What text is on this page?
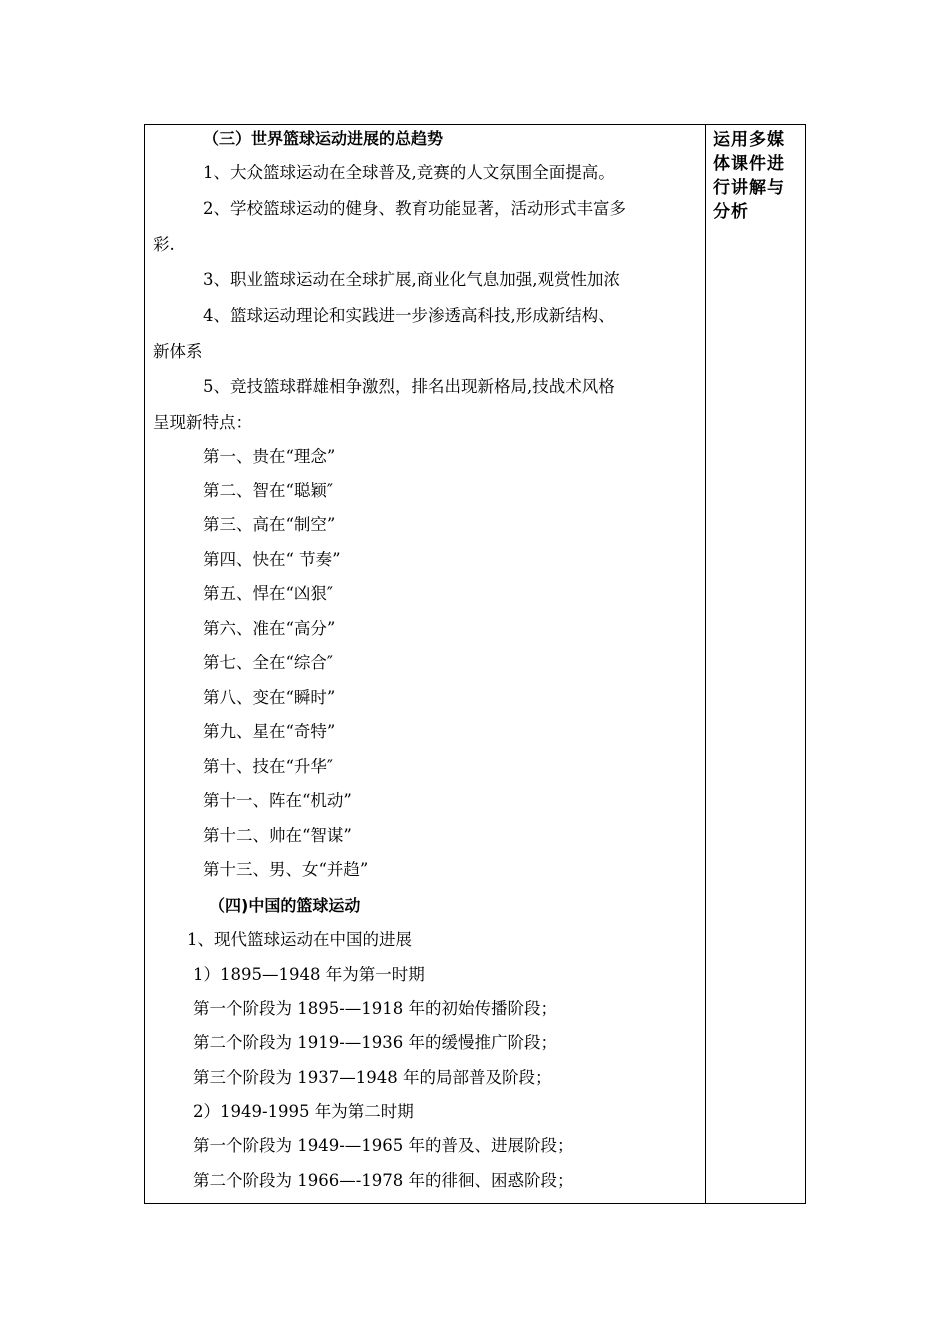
（三）世界篮球运动进展的总趋势
1、大众篮球运动在全球普及,竞赛的人文氛围全面提高。
2、学校篮球运动的健身、教育功能显著，活动形式丰富多
彩.
3、职业篮球运动在全球扩展,商业化气息加强,观赏性加浓
4、篮球运动理论和实践进一步渗透高科技,形成新结构、
新体系
5、竞技篮球群雄相争激烈，排名出现新格局,技战术风格
呈现新特点：
第一、贵在“理念”
第二、智在“聪颖″
第三、高在“制空”
第四、快在“ 节奏”
第五、悍在“凶狠″
第六、准在“高分”
第七、全在“综合″
第八、变在“瞬时”
第九、星在“奇特”
第十、技在“升华″
第十一、阵在“机动”
第十二、帅在“智谋”
第十三、男、女“并趋”
（四)中国的篮球运动
1、现代篮球运动在中国的进展
1）1895—1948 年为第一时期
第一个阶段为 1895-—1918 年的初始传播阶段；
第二个阶段为 1919-—1936 年的缓慢推广阶段；
第三个阶段为 1937—1948 年的局部普及阶段；
2）1949-1995 年为第二时期
第一个阶段为 1949-—1965 年的普及、进展阶段；
第二个阶段为 1966—-1978 年的徘徊、困惑阶段；
运用多媒
体课件进
行讲解与
分析
